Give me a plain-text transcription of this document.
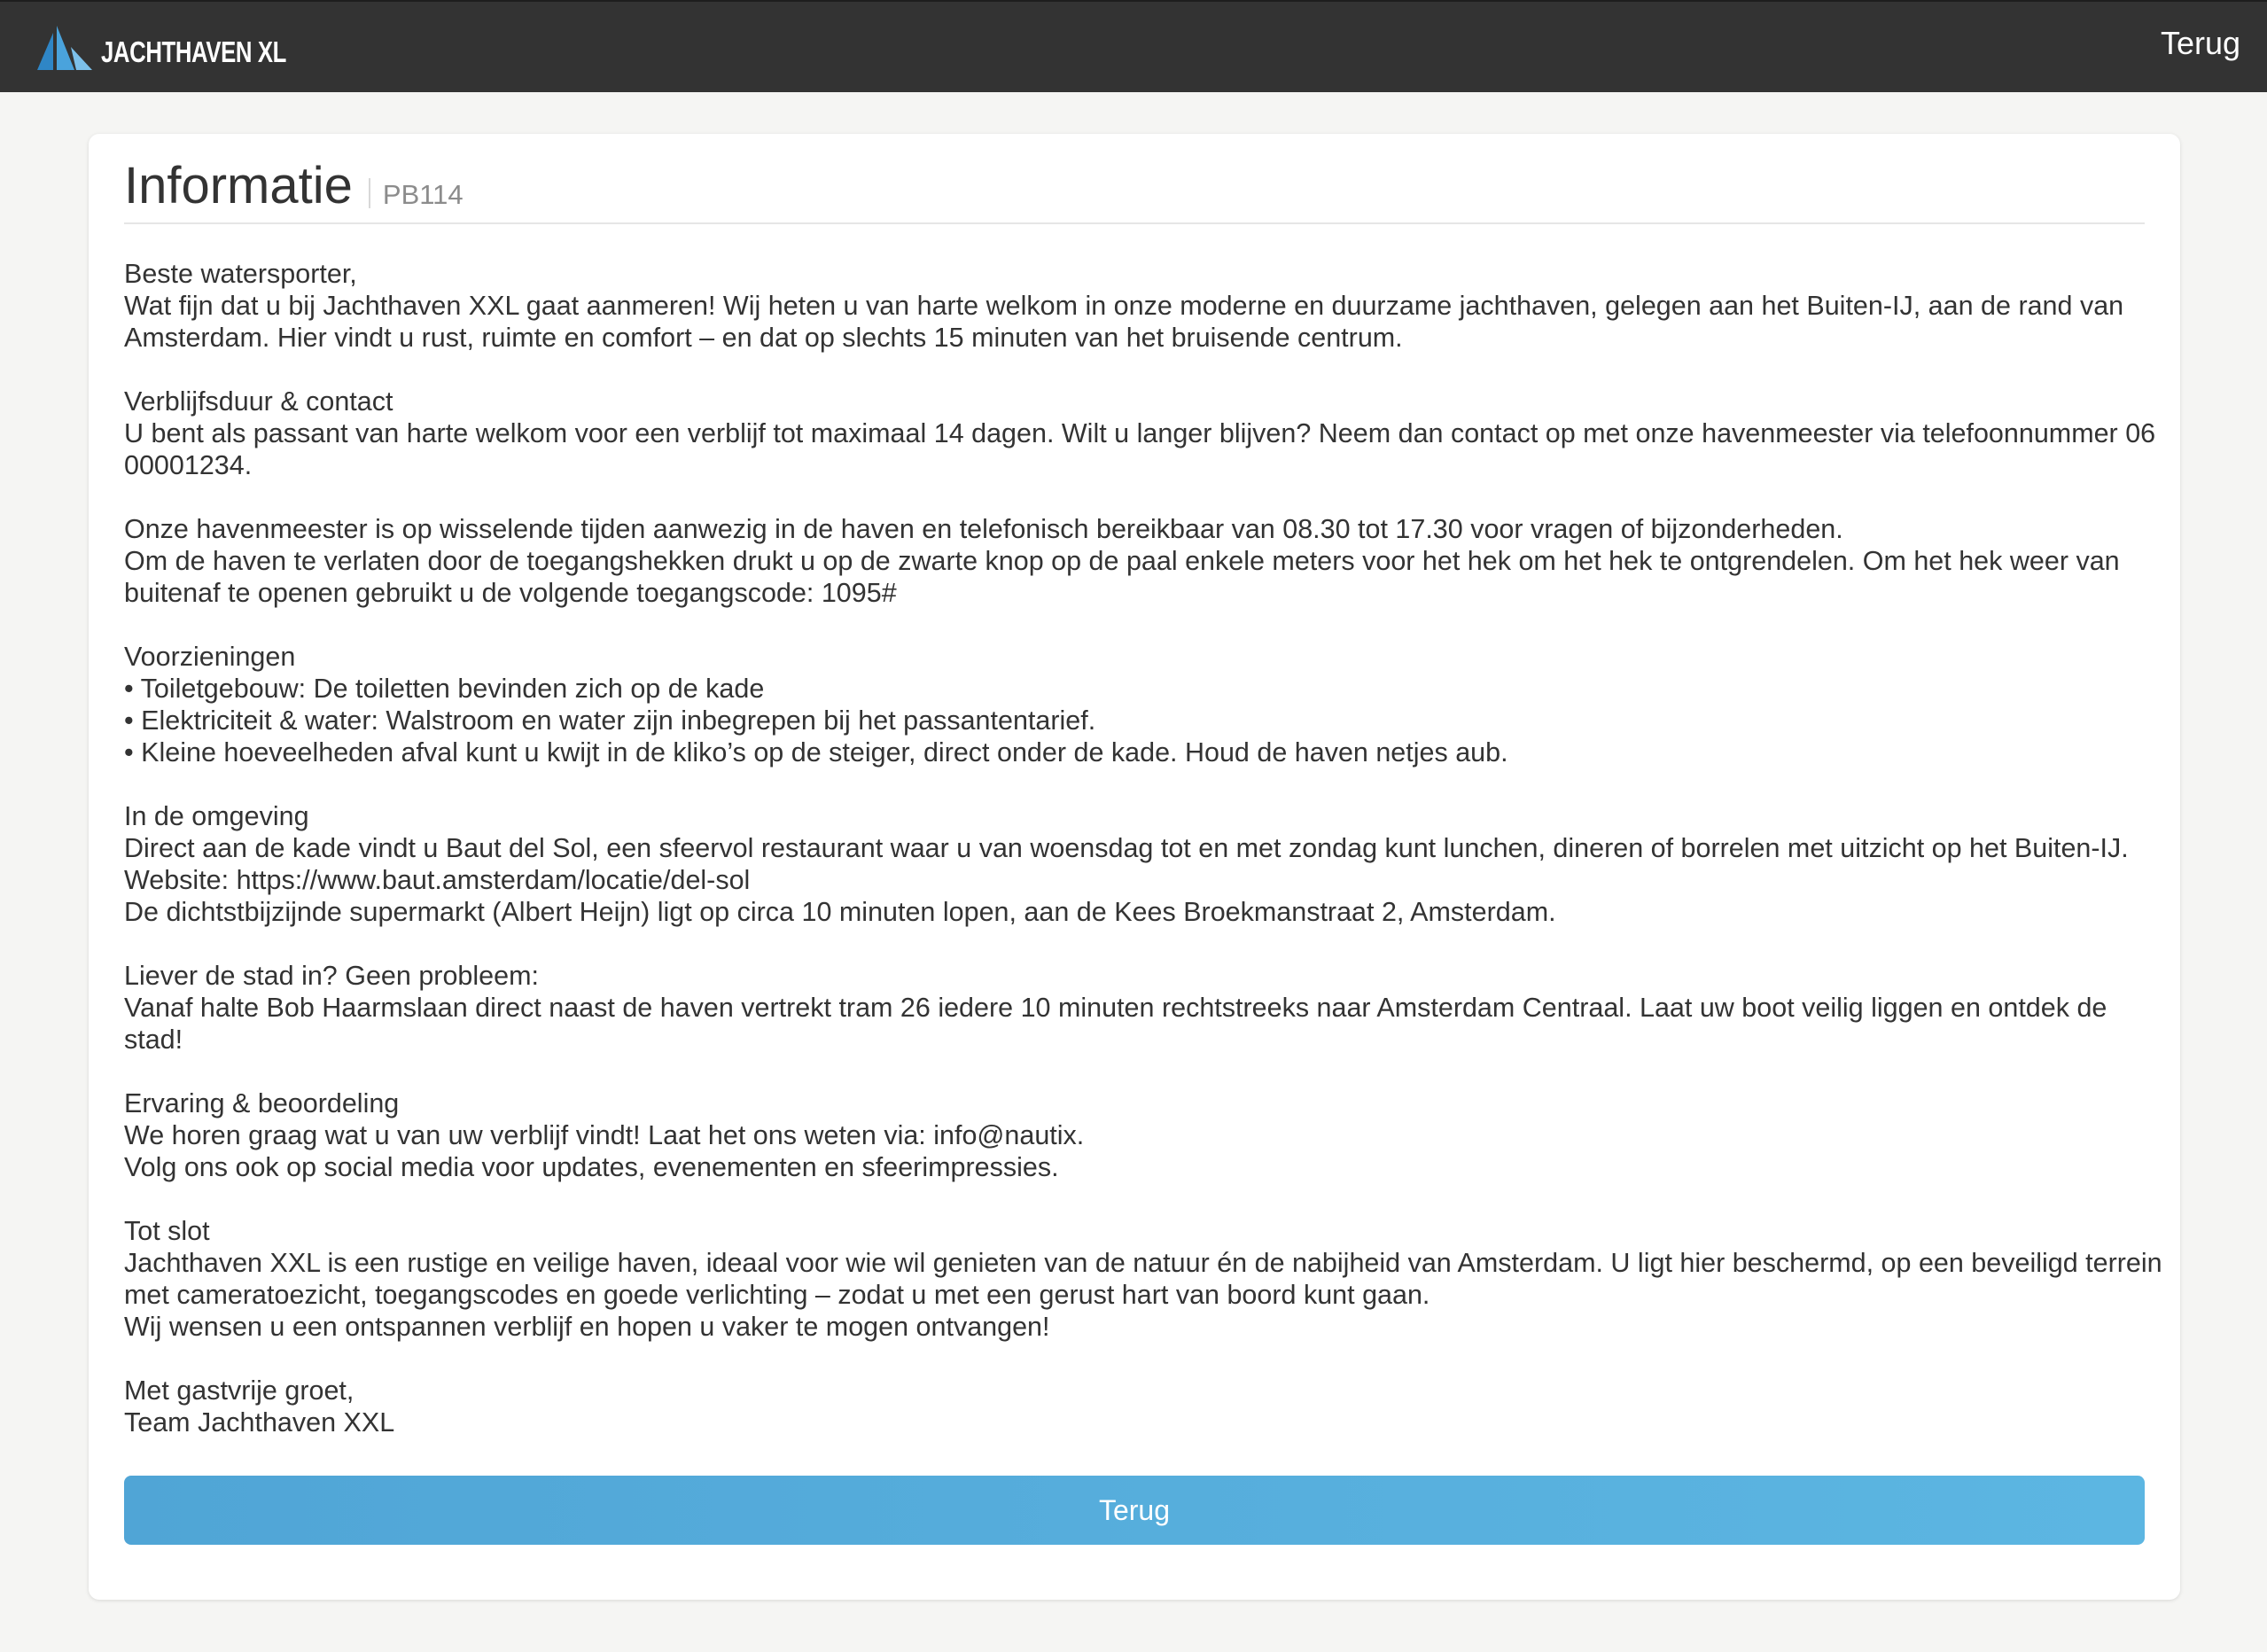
JACHTHAVEN XL	Terug
Informatie PB114

Beste watersporter,
Wat fijn dat u bij Jachthaven XXL gaat aanmeren! Wij heten u van harte welkom in onze moderne en duurzame jachthaven, gelegen aan het Buiten-IJ, aan de rand van Amsterdam. Hier vindt u rust, ruimte en comfort – en dat op slechts 15 minuten van het bruisende centrum.

Verblijfsduur & contact
U bent als passant van harte welkom voor een verblijf tot maximaal 14 dagen. Wilt u langer blijven? Neem dan contact op met onze havenmeester via telefoonnummer 06 00001234.

Onze havenmeester is op wisselende tijden aanwezig in de haven en telefonisch bereikbaar van 08.30 tot 17.30 voor vragen of bijzonderheden.
Om de haven te verlaten door de toegangshekken drukt u op de zwarte knop op de paal enkele meters voor het hek om het hek te ontgrendelen. Om het hek weer van buitenaf te openen gebruikt u de volgende toegangscode: 1095#

Voorzieningen
• Toiletgebouw: De toiletten bevinden zich op de kade
• Elektriciteit & water: Walstroom en water zijn inbegrepen bij het passantentarief.
• Kleine hoeveelheden afval kunt u kwijt in de kliko’s op de steiger, direct onder de kade. Houd de haven netjes aub.

In de omgeving
Direct aan de kade vindt u Baut del Sol, een sfeervol restaurant waar u van woensdag tot en met zondag kunt lunchen, dineren of borrelen met uitzicht op het Buiten-IJ. Website: https://www.baut.amsterdam/locatie/del-sol
De dichtstbijzijnde supermarkt (Albert Heijn) ligt op circa 10 minuten lopen, aan de Kees Broekmanstraat 2, Amsterdam.

Liever de stad in? Geen probleem:
Vanaf halte Bob Haarmslaan direct naast de haven vertrekt tram 26 iedere 10 minuten rechtstreeks naar Amsterdam Centraal. Laat uw boot veilig liggen en ontdek de stad!

Ervaring & beoordeling
We horen graag wat u van uw verblijf vindt! Laat het ons weten via: info@nautix.
Volg ons ook op social media voor updates, evenementen en sfeerimpressies.

Tot slot
Jachthaven XXL is een rustige en veilige haven, ideaal voor wie wil genieten van de natuur én de nabijheid van Amsterdam. U ligt hier beschermd, op een beveiligd terrein met cameratoezicht, toegangscodes en goede verlichting – zodat u met een gerust hart van boord kunt gaan.
Wij wensen u een ontspannen verblijf en hopen u vaker te mogen ontvangen!

Met gastvrije groet,
Team Jachthaven XXL

Terug
